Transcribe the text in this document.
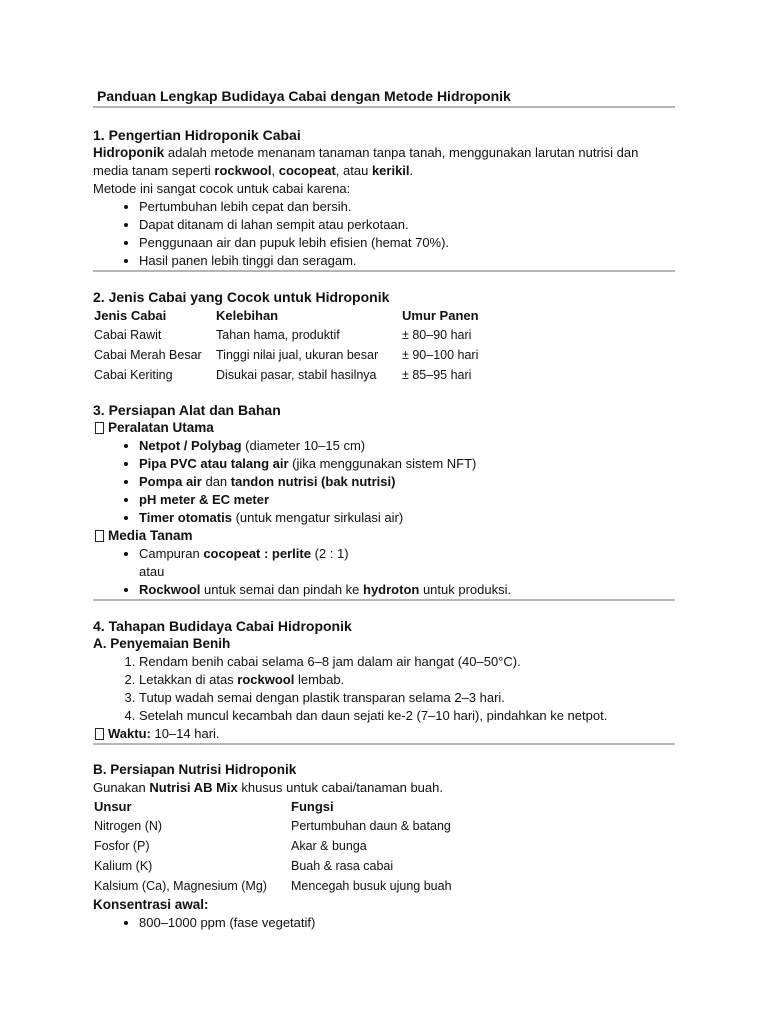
Panduan Lengkap Budidaya Cabai dengan Metode Hidroponik

1. Pengertian Hidroponik Cabai

Hidroponik adalah metode menanam tanaman tanpa tanah, menggunakan larutan nutrisi dan media tanam seperti rockwool, cocopeat, atau kerikil.

Metode ini sangat cocok untuk cabai karena:

• Pertumbuhan lebih cepat dan bersih.
• Dapat ditanam di lahan sempit atau perkotaan.
• Penggunaan air dan pupuk lebih efisien (hemat 70%).
• Hasil panen lebih tinggi dan seragam.

2. Jenis Cabai yang Cocok untuk Hidroponik

Jenis Cabai	Kelebihan	Umur Panen
Cabai Rawit	Tahan hama, produktif	± 80–90 hari
Cabai Merah Besar	Tinggi nilai jual, ukuran besar	± 90–100 hari
Cabai Keriting	Disukai pasar, stabil hasilnya	± 85–95 hari

3. Persiapan Alat dan Bahan

Peralatan Utama

• Netpot / Polybag (diameter 10–15 cm)
• Pipa PVC atau talang air (jika menggunakan sistem NFT)
• Pompa air dan tandon nutrisi (bak nutrisi)
• pH meter & EC meter
• Timer otomatis (untuk mengatur sirkulasi air)

Media Tanam

• Campuran cocopeat : perlite (2 : 1)
atau
• Rockwool untuk semai dan pindah ke hydroton untuk produksi.

4. Tahapan Budidaya Cabai Hidroponik

A. Penyemaian Benih

1. Rendam benih cabai selama 6–8 jam dalam air hangat (40–50°C).
2. Letakkan di atas rockwool lembab.
3. Tutup wadah semai dengan plastik transparan selama 2–3 hari.
4. Setelah muncul kecambah dan daun sejati ke-2 (7–10 hari), pindahkan ke netpot.

Waktu: 10–14 hari.

B. Persiapan Nutrisi Hidroponik

Gunakan Nutrisi AB Mix khusus untuk cabai/tanaman buah.

Unsur	Fungsi
Nitrogen (N)	Pertumbuhan daun & batang
Fosfor (P)	Akar & bunga
Kalium (K)	Buah & rasa cabai
Kalsium (Ca), Magnesium (Mg)	Mencegah busuk ujung buah

Konsentrasi awal:

• 800–1000 ppm (fase vegetatif)
